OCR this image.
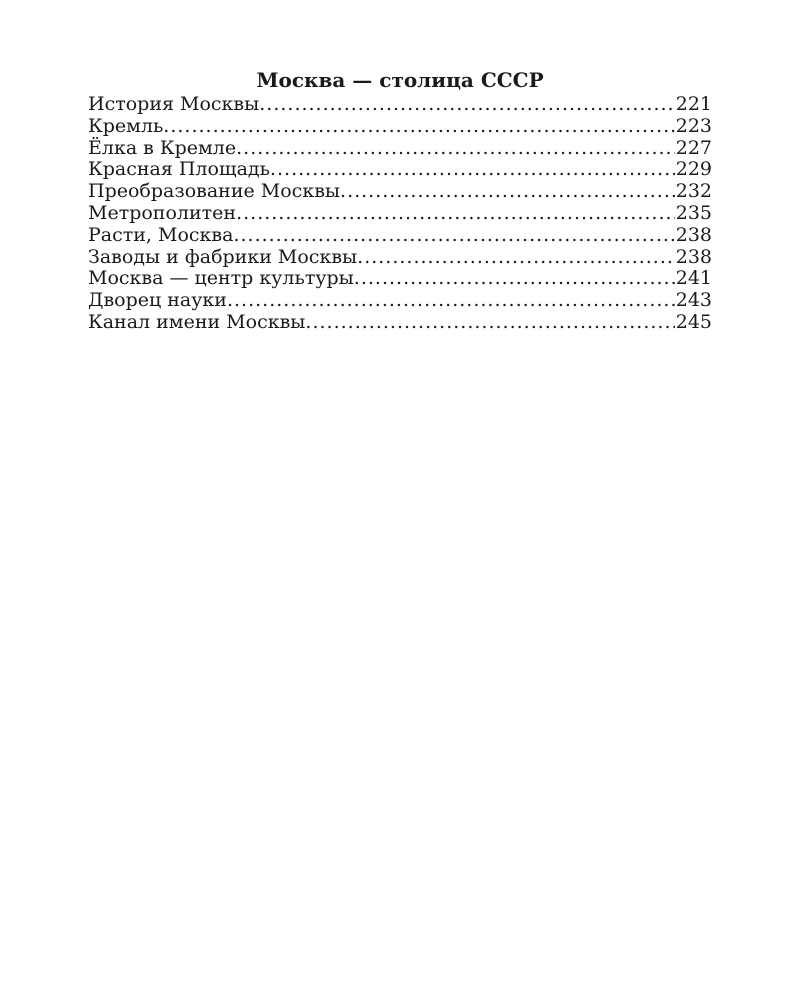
Москва — столица СССР
История Москвы. .....	221
Кремль. .....	223
Ёлка в Кремле. .....	227
Красная Площадь. .....	229
Преобразование Москвы. .....	232
Метрополитен. .....	235
Расти, Москва. .....	238
Заводы и фабрики Москвы. .....	238
Москва — центр культуры. .....	241
Дворец науки. .....	243
Канал имени Москвы. .....	245
